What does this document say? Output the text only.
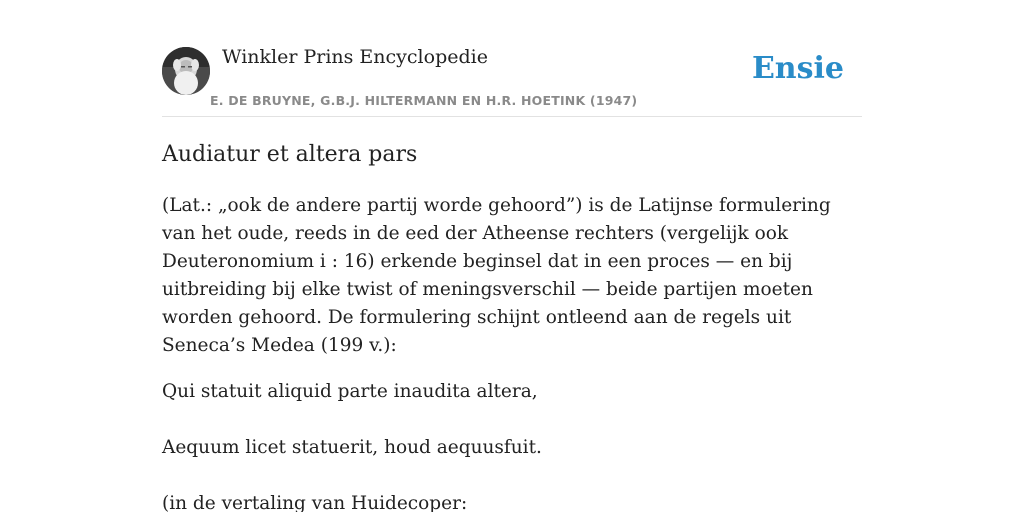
Winkler Prins Encyclopedie
E. DE BRUYNE, G.B.J. HILTERMANN EN H.R. HOETINK (1947)
Ensie
Audiatur et altera pars

(Lat.: „ook de andere partij worde gehoord”) is de Latijnse formulering van het oude, reeds in de eed der Atheense rechters (vergelijk ook Deuteronomium i : 16) erkende beginsel dat in een proces — en bij uitbreiding bij elke twist of meningsverschil — beide partijen moeten worden gehoord. De formulering schijnt ontleend aan de regels uit Seneca’s Medea (199 v.):

Qui statuit aliquid parte inaudita altera,

Aequum licet statuerit, houd aequusfuit.

(in de vertaling van Huidecoper:
